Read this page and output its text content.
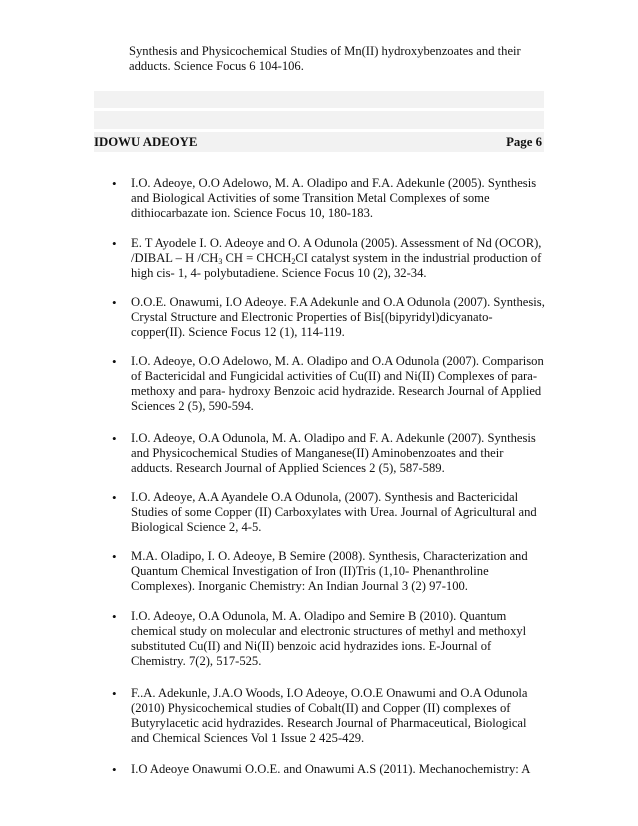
Synthesis and Physicochemical Studies of Mn(II) hydroxybenzoates and their adducts. Science Focus 6 104-106.
IDOWU ADEOYE	Page 6
• I.O. Adeoye, O.O Adelowo, M. A. Oladipo and F.A. Adekunle (2005). Synthesis and Biological Activities of some Transition Metal Complexes of some dithiocarbazate ion. Science Focus 10, 180-183.
• E. T Ayodele I. O. Adeoye and O. A Odunola (2005). Assessment of Nd (OCOR), /DIBAL – H $/CH_3$ CH = $CHCH_2CI$ catalyst system in the industrial production of high cis- 1, 4- polybutadiene. Science Focus 10 (2), 32-34.
• O.O.E. Onawumi, I.O Adeoye. F.A Adekunle and O.A Odunola (2007). Synthesis, Crystal Structure and Electronic Properties of Bis[(bipyridyl)dicyanato-copper(II). Science Focus 12 (1), 114-119.
• I.O. Adeoye, O.O Adelowo, M. A. Oladipo and O.A Odunola (2007). Comparison of Bactericidal and Fungicidal activities of Cu(II) and Ni(II) Complexes of para-methoxy and para- hydroxy Benzoic acid hydrazide. Research Journal of Applied Sciences 2 (5), 590-594.
• I.O. Adeoye, O.A Odunola, M. A. Oladipo and F. A. Adekunle (2007). Synthesis and Physicochemical Studies of Manganese(II) Aminobenzoates and their adducts. Research Journal of Applied Sciences 2 (5), 587-589.
• I.O. Adeoye, A.A Ayandele O.A Odunola, (2007). Synthesis and Bactericidal Studies of some Copper (II) Carboxylates with Urea. Journal of Agricultural and Biological Science 2, 4-5.
• M.A. Oladipo, I. O. Adeoye, B Semire (2008). Synthesis, Characterization and Quantum Chemical Investigation of Iron (II)Tris (1,10- Phenanthroline Complexes). Inorganic Chemistry: An Indian Journal 3 (2) 97-100.
• I.O. Adeoye, O.A Odunola, M. A. Oladipo and Semire B (2010). Quantum chemical study on molecular and electronic structures of methyl and methoxyl substituted Cu(II) and Ni(II) benzoic acid hydrazides ions. E-Journal of Chemistry. 7(2), 517-525.
• F..A. Adekunle, J.A.O Woods, I.O Adeoye, O.O.E Onawumi and O.A Odunola (2010) Physicochemical studies of Cobalt(II) and Copper (II) complexes of Butyrylacetic acid hydrazides. Research Journal of Pharmaceutical, Biological and Chemical Sciences Vol 1 Issue 2 425-429.
• I.O Adeoye Onawumi O.O.E. and Onawumi A.S (2011). Mechanochemistry: A
